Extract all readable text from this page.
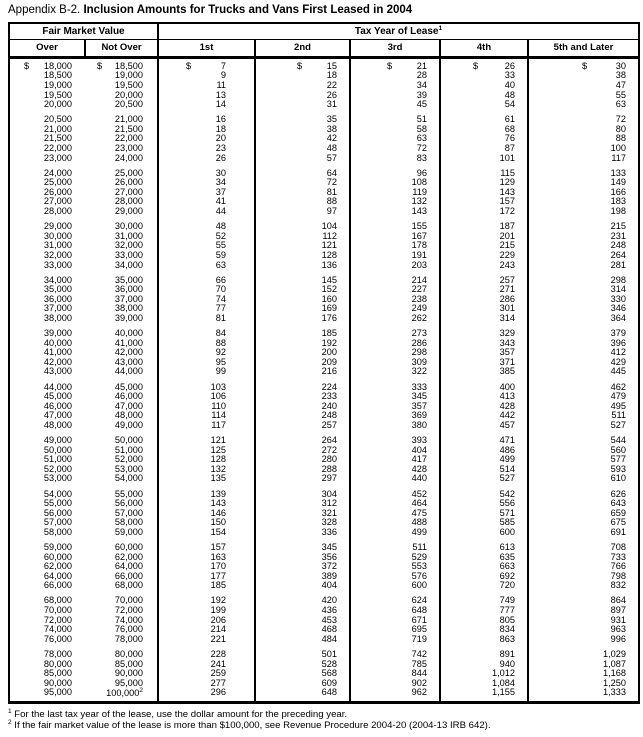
Appendix B-2. Inclusion Amounts for Trucks and Vans First Leased in 2004
Fair Market Value	Tax Year of Lease$^1$
Over	Not Over	1st	2nd	3rd	4th	5th and Later
$	18,000	$	18,500	$	7	$	15	$	21	$	26	$	30
18,500	19,000	9	18	28	33	38
19,000	19,500	11	22	34	40	47
19,500	20,000	13	26	39	48	55
20,000	20,500	14	31	45	54	63
20,500	21,000	16	35	51	61	72
21,000	21,500	18	38	58	68	80
21,500	22,000	20	42	63	76	88
22,000	23,000	23	48	72	87	100
23,000	24,000	26	57	83	101	117
24,000	25,000	30	64	96	115	133
25,000	26,000	34	72	108	129	149
26,000	27,000	37	81	119	143	166
27,000	28,000	41	88	132	157	183
28,000	29,000	44	97	143	172	198
29,000	30,000	48	104	155	187	215
30,000	31,000	52	112	167	201	231
31,000	32,000	55	121	178	215	248
32,000	33,000	59	128	191	229	264
33,000	34,000	63	136	203	243	281
34,000	35,000	66	145	214	257	298
35,000	36,000	70	152	227	271	314
36,000	37,000	74	160	238	286	330
37,000	38,000	77	169	249	301	346
38,000	39,000	81	176	262	314	364
39,000	40,000	84	185	273	329	379
40,000	41,000	88	192	286	343	396
41,000	42,000	92	200	298	357	412
42,000	43,000	95	209	309	371	429
43,000	44,000	99	216	322	385	445
44,000	45,000	103	224	333	400	462
45,000	46,000	106	233	345	413	479
46,000	47,000	110	240	357	428	495
47,000	48,000	114	248	369	442	511
48,000	49,000	117	257	380	457	527
49,000	50,000	121	264	393	471	544
50,000	51,000	125	272	404	486	560
51,000	52,000	128	280	417	499	577
52,000	53,000	132	288	428	514	593
53,000	54,000	135	297	440	527	610
54,000	55,000	139	304	452	542	626
55,000	56,000	143	312	464	556	643
56,000	57,000	146	321	475	571	659
57,000	58,000	150	328	488	585	675
58,000	59,000	154	336	499	600	691
59,000	60,000	157	345	511	613	708
60,000	62,000	163	356	529	635	733
62,000	64,000	170	372	553	663	766
64,000	66,000	177	389	576	692	798
66,000	68,000	185	404	600	720	832
68,000	70,000	192	420	624	749	864
70,000	72,000	199	436	648	777	897
72,000	74,000	206	453	671	805	931
74,000	76,000	214	468	695	834	963
76,000	78,000	221	484	719	863	996
78,000	80,000	228	501	742	891	1,029
80,000	85,000	241	528	785	940	1,087
85,000	90,000	259	568	844	1,012	1,168
90,000	95,000	277	609	902	1,084	1,250
95,000	100,000$^2$	296	648	962	1,155	1,333
$^1$ For the last tax year of the lease, use the dollar amount for the preceding year.
$^2$ If the fair market value of the lease is more than $100,000, see Revenue Procedure 2004-20 (2004-13 IRB 642).
